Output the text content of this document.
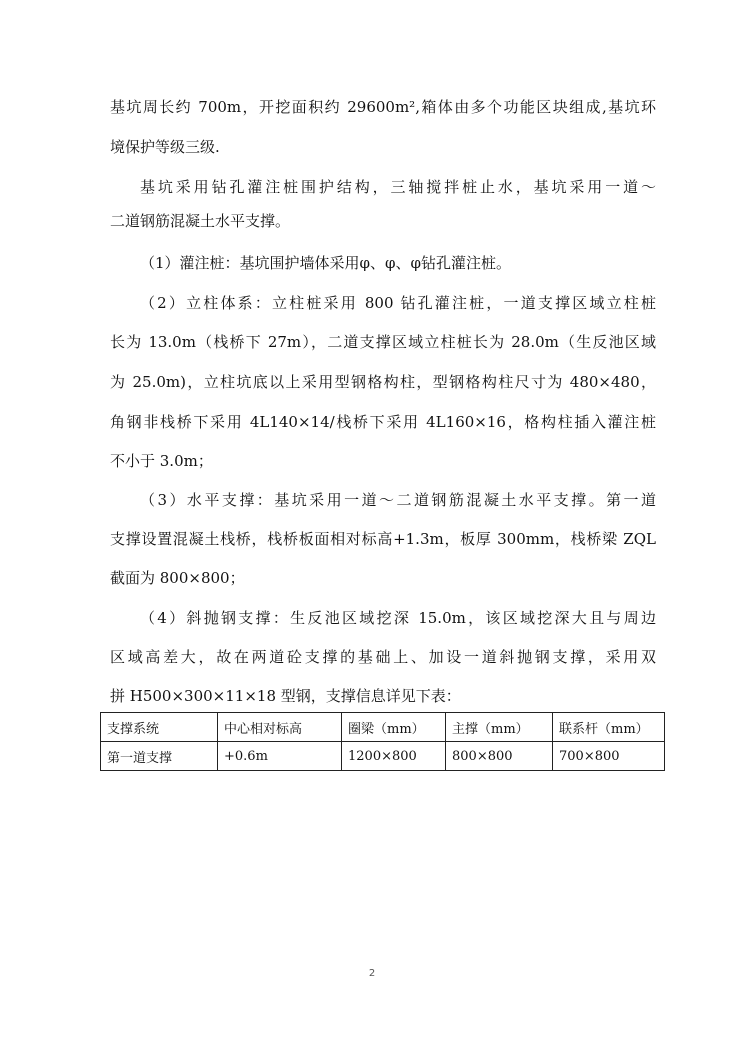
基坑周长约 700m，开挖面积约 29600m²,箱体由多个功能区块组成,基坑环
境保护等级三级.
基坑采用钻孔灌注桩围护结构，三轴搅拌桩止水，基坑采用一道～
二道钢筋混凝土水平支撑。
（1）灌注桩：基坑围护墙体采用φ、φ、φ钻孔灌注桩。
（2）立柱体系：立柱桩采用 800 钻孔灌注桩，一道支撑区域立柱桩
长为 13.0m（栈桥下 27m），二道支撑区域立柱桩长为 28.0m（生反池区域
为 25.0m)，立柱坑底以上采用型钢格构柱，型钢格构柱尺寸为 480×480，
角钢非栈桥下采用 4L140×14/栈桥下采用 4L160×16，格构柱插入灌注桩
不小于 3.0m；
（3）水平支撑：基坑采用一道～二道钢筋混凝土水平支撑。第一道
支撑设置混凝土栈桥，栈桥板面相对标高+1.3m，板厚 300mm，栈桥梁 ZQL
截面为 800×800；
（4）斜抛钢支撑：生反池区域挖深 15.0m，该区域挖深大且与周边
区域高差大，故在两道砼支撑的基础上、加设一道斜抛钢支撑，采用双
拼 H500×300×11×18 型钢，支撑信息详见下表：
支撑系统	中心相对标高	圈梁（mm）	主撑（mm）	联系杆（mm）
第一道支撑	+0.6m	1200×800	800×800	700×800
2
